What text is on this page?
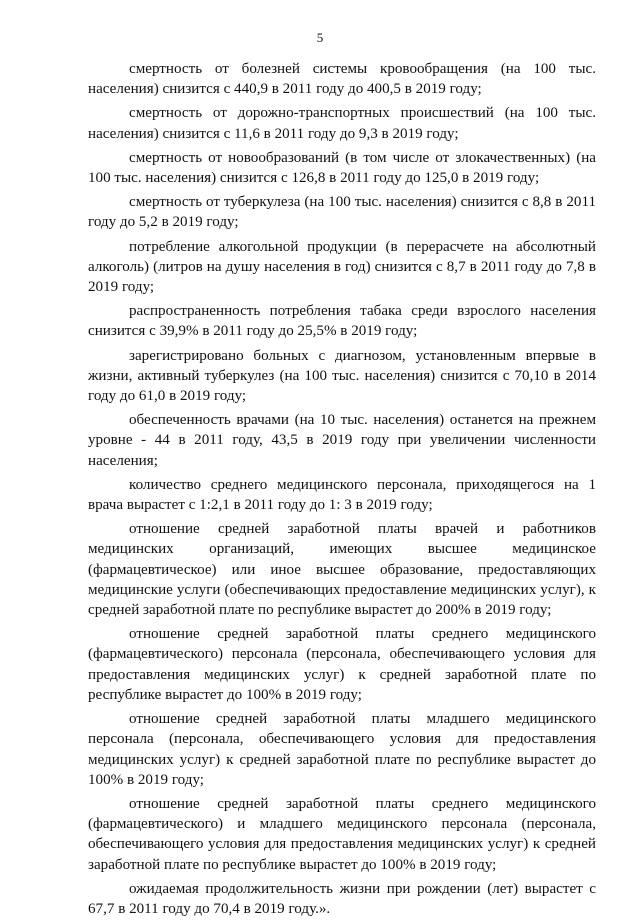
5

смертность от болезней системы кровообращения (на 100 тыс. населения) снизится с 440,9 в 2011 году до 400,5 в 2019 году;

смертность от дорожно-транспортных происшествий (на 100 тыс. населения) снизится с 11,6 в 2011 году до 9,3 в 2019 году;

смертность от новообразований (в том числе от злокачественных) (на 100 тыс. населения) снизится с 126,8 в 2011 году до 125,0 в 2019 году;

смертность от туберкулеза (на 100 тыс. населения) снизится с 8,8 в 2011 году до 5,2 в 2019 году;

потребление алкогольной продукции (в перерасчете на абсолютный алкоголь) (литров на душу населения в год) снизится с 8,7 в 2011 году до 7,8 в 2019 году;

распространенность потребления табака среди взрослого населения снизится с 39,9% в 2011 году до 25,5% в 2019 году;

зарегистрировано больных с диагнозом, установленным впервые в жизни, активный туберкулез (на 100 тыс. населения) снизится с 70,10 в 2014 году до 61,0 в 2019 году;

обеспеченность врачами (на 10 тыс. населения) останется на прежнем уровне - 44 в 2011 году, 43,5 в 2019 году при увеличении численности населения;

количество среднего медицинского персонала, приходящегося на 1 врача вырастет с 1:2,1 в 2011 году до 1: 3 в 2019 году;

отношение средней заработной платы врачей и работников медицинских организаций, имеющих высшее медицинское (фармацевтическое) или иное высшее образование, предоставляющих медицинские услуги (обеспечивающих предоставление медицинских услуг), к средней заработной плате по республике вырастет до 200% в 2019 году;

отношение средней заработной платы среднего медицинского (фармацевтического) персонала (персонала, обеспечивающего условия для предоставления медицинских услуг) к средней заработной плате по республике вырастет до 100% в 2019 году;

отношение средней заработной платы младшего медицинского персонала (персонала, обеспечивающего условия для предоставления медицинских услуг) к средней заработной плате по республике вырастет до 100% в 2019 году;

отношение средней заработной платы среднего медицинского (фармацевтического) и младшего медицинского персонала (персонала, обеспечивающего условия для предоставления медицинских услуг) к средней заработной плате по республике вырастет до 100% в 2019 году;

ожидаемая продолжительность жизни при рождении (лет) вырастет с 67,7 в 2011 году до 70,4 в 2019 году.».
